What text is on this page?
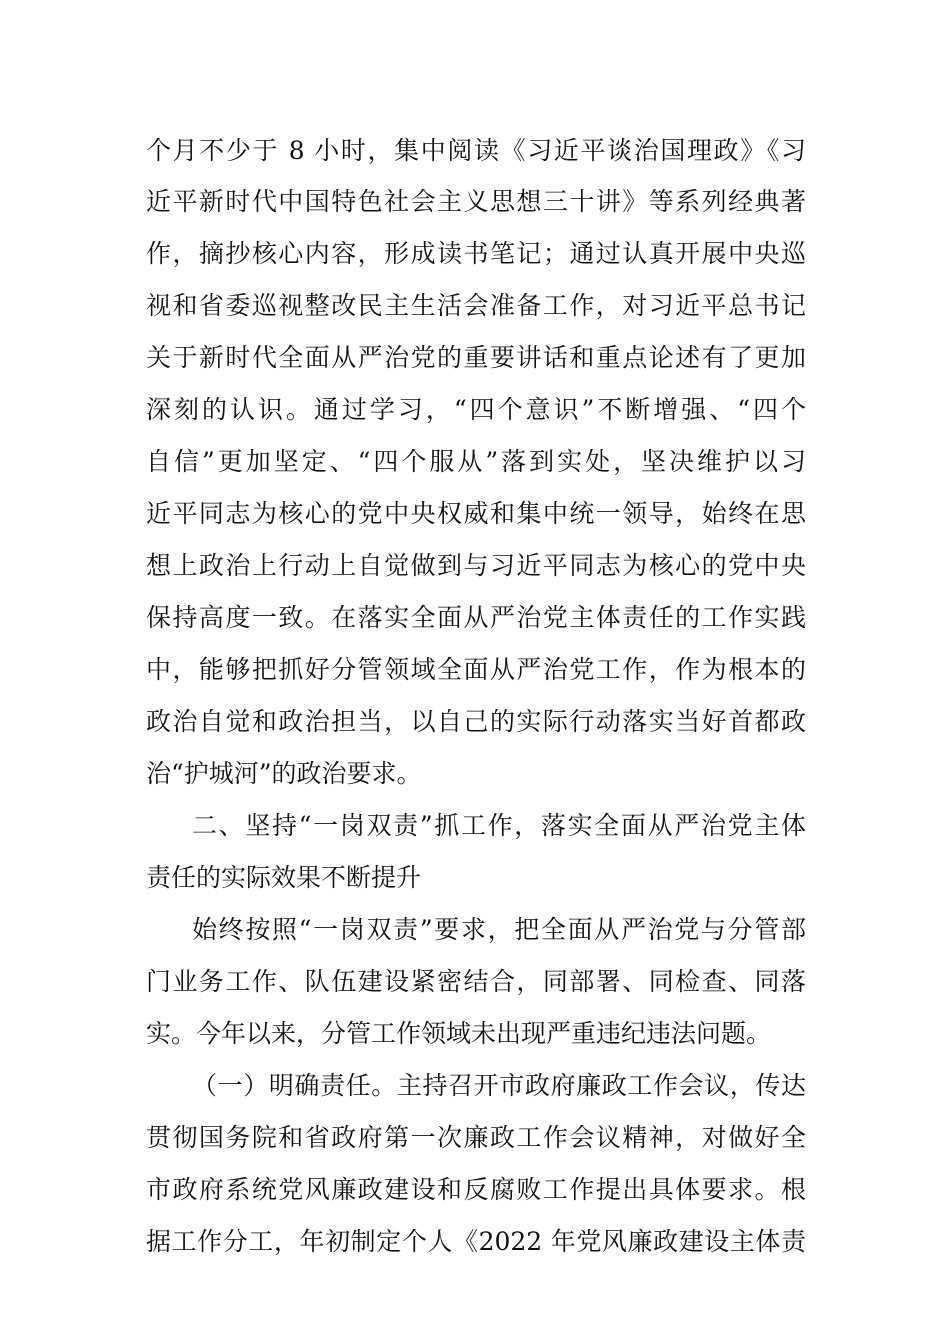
个月不少于 8 小时，集中阅读《习近平谈治国理政》《习
近平新时代中国特色社会主义思想三十讲》等系列经典著
作，摘抄核心内容，形成读书笔记；通过认真开展中央巡
视和省委巡视整改民主生活会准备工作，对习近平总书记
关于新时代全面从严治党的重要讲话和重点论述有了更加
深刻的认识。通过学习，“四个意识”不断增强、“四个
自信”更加坚定、“四个服从”落到实处，坚决维护以习
近平同志为核心的党中央权威和集中统一领导，始终在思
想上政治上行动上自觉做到与习近平同志为核心的党中央
保持高度一致。在落实全面从严治党主体责任的工作实践
中，能够把抓好分管领域全面从严治党工作，作为根本的
政治自觉和政治担当，以自己的实际行动落实当好首都政
治“护城河”的政治要求。
二、坚持“一岗双责”抓工作，落实全面从严治党主体
责任的实际效果不断提升
始终按照“一岗双责”要求，把全面从严治党与分管部
门业务工作、队伍建设紧密结合，同部署、同检查、同落
实。今年以来，分管工作领域未出现严重违纪违法问题。
（一）明确责任。主持召开市政府廉政工作会议，传达
贯彻国务院和省政府第一次廉政工作会议精神，对做好全
市政府系统党风廉政建设和反腐败工作提出具体要求。根
据工作分工，年初制定个人《2022 年党风廉政建设主体责
